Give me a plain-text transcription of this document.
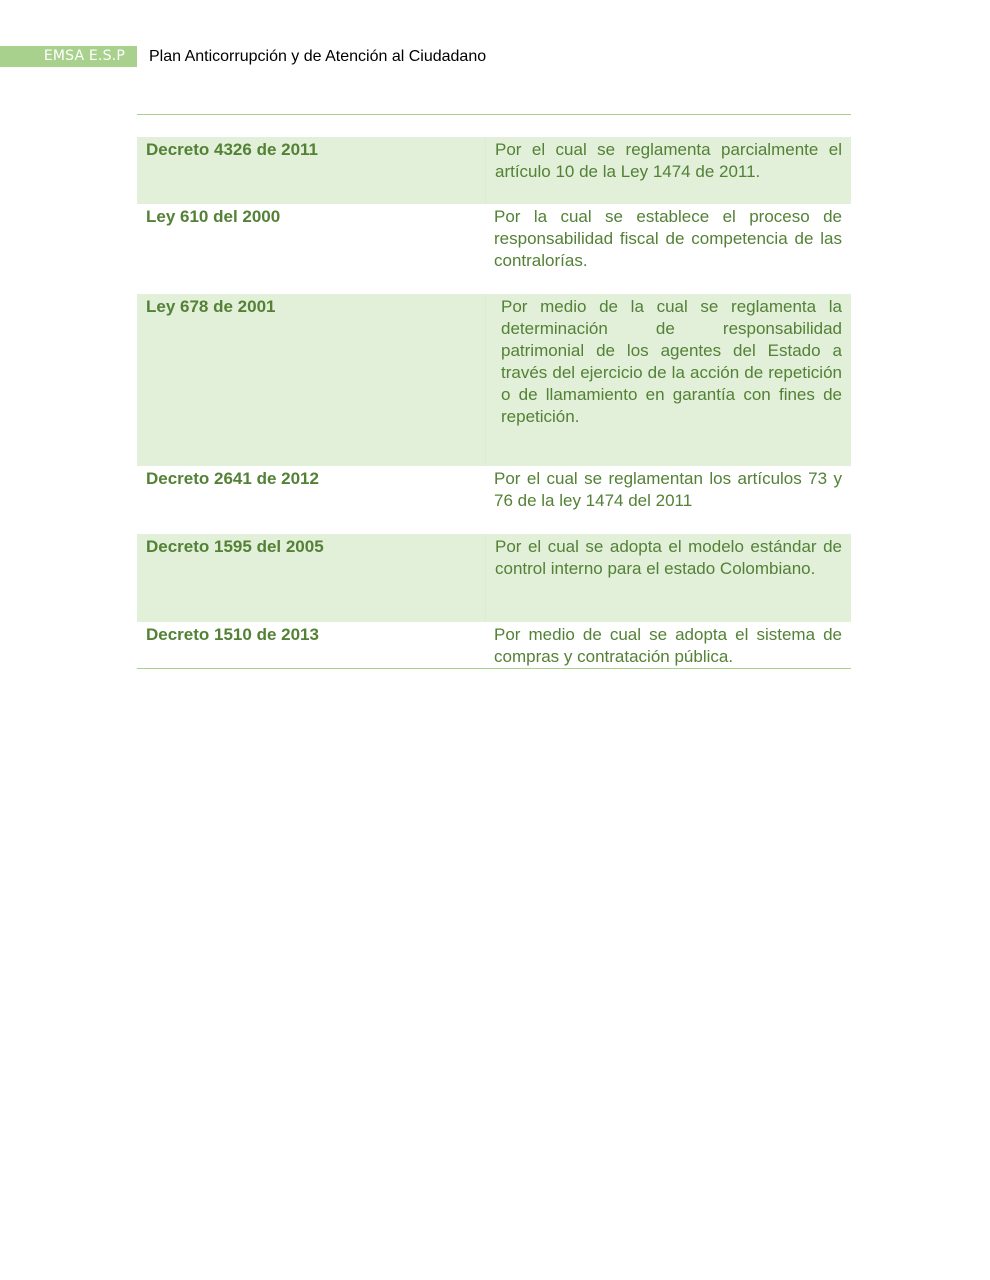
EMSA E.S.P	Plan Anticorrupción y de Atención al Ciudadano
Decreto 4326 de 2011	Por el cual se reglamenta parcialmente el artículo 10 de la Ley 1474 de 2011.
Ley 610 del 2000	Por la cual se establece el proceso de responsabilidad fiscal de competencia de las contralorías.
Ley 678 de 2001	Por medio de la cual se reglamenta la determinación de responsabilidad patrimonial de los agentes del Estado a través del ejercicio de la acción de repetición o de llamamiento en garantía con fines de repetición.
Decreto 2641 de 2012	Por el cual se reglamentan los artículos 73 y 76 de la ley 1474 del 2011
Decreto 1595 del 2005	Por el cual se adopta el modelo estándar de control interno para el estado Colombiano.
Decreto 1510 de 2013	Por medio de cual se adopta el sistema de compras y contratación pública.
